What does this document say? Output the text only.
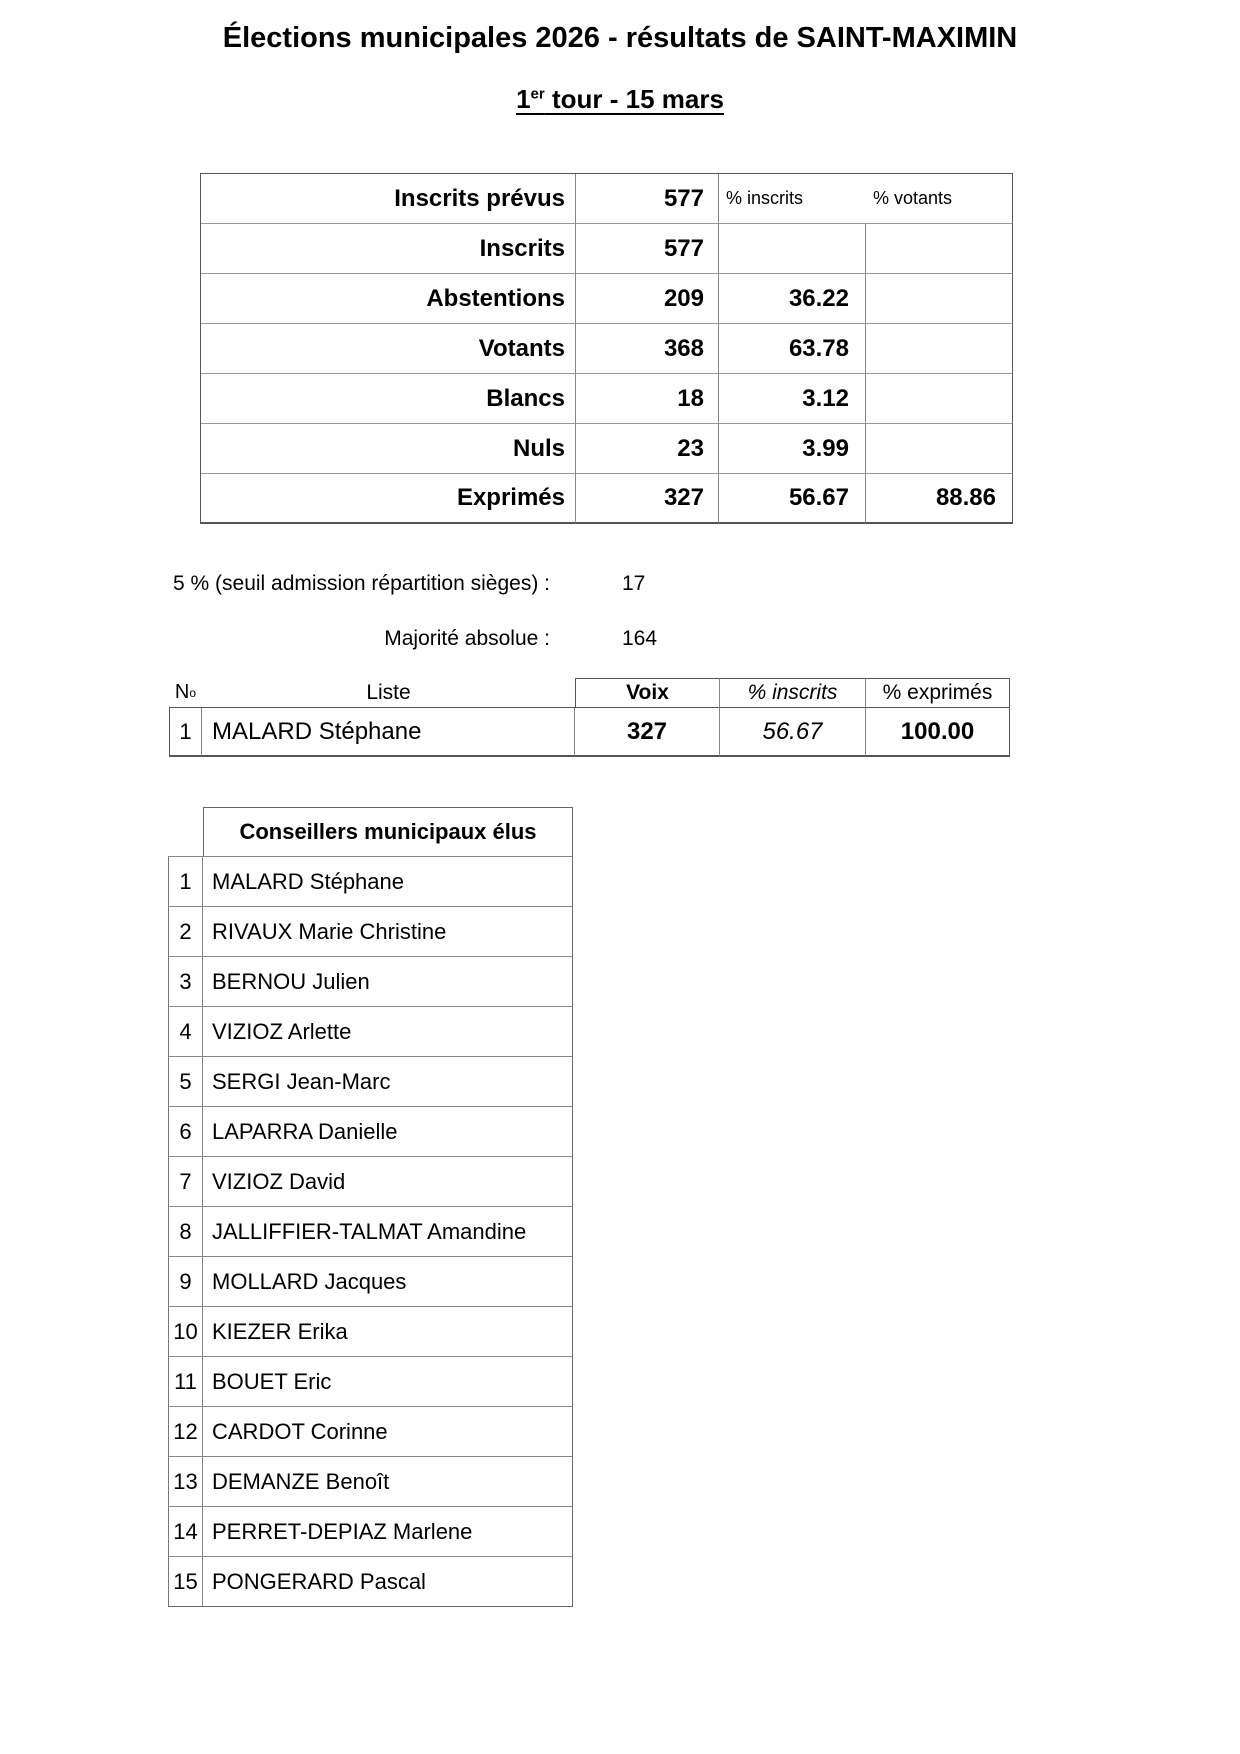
Élections municipales 2026 - résultats de SAINT-MAXIMIN
1er tour - 15 mars
Inscrits prévus	577	% inscrits	% votants
Inscrits	577
Abstentions	209	36.22
Votants	368	63.78
Blancs	18	3.12
Nuls	23	3.99
Exprimés	327	56.67	88.86
5 % (seuil admission répartition sièges) :	17
Majorité absolue :	164
N o	Liste	Voix	% inscrits	% exprimés
1 MALARD Stéphane	327	56.67	100.00
Conseillers municipaux élus
1 MALARD Stéphane
2 RIVAUX Marie Christine
3 BERNOU Julien
4 VIZIOZ Arlette
5 SERGI Jean-Marc
6 LAPARRA Danielle
7 VIZIOZ David
8 JALLIFFIER-TALMAT Amandine
9 MOLLARD Jacques
10 KIEZER Erika
11 BOUET Eric
12 CARDOT Corinne
13 DEMANZE Benoît
14 PERRET-DEPIAZ Marlene
15 PONGERARD Pascal
